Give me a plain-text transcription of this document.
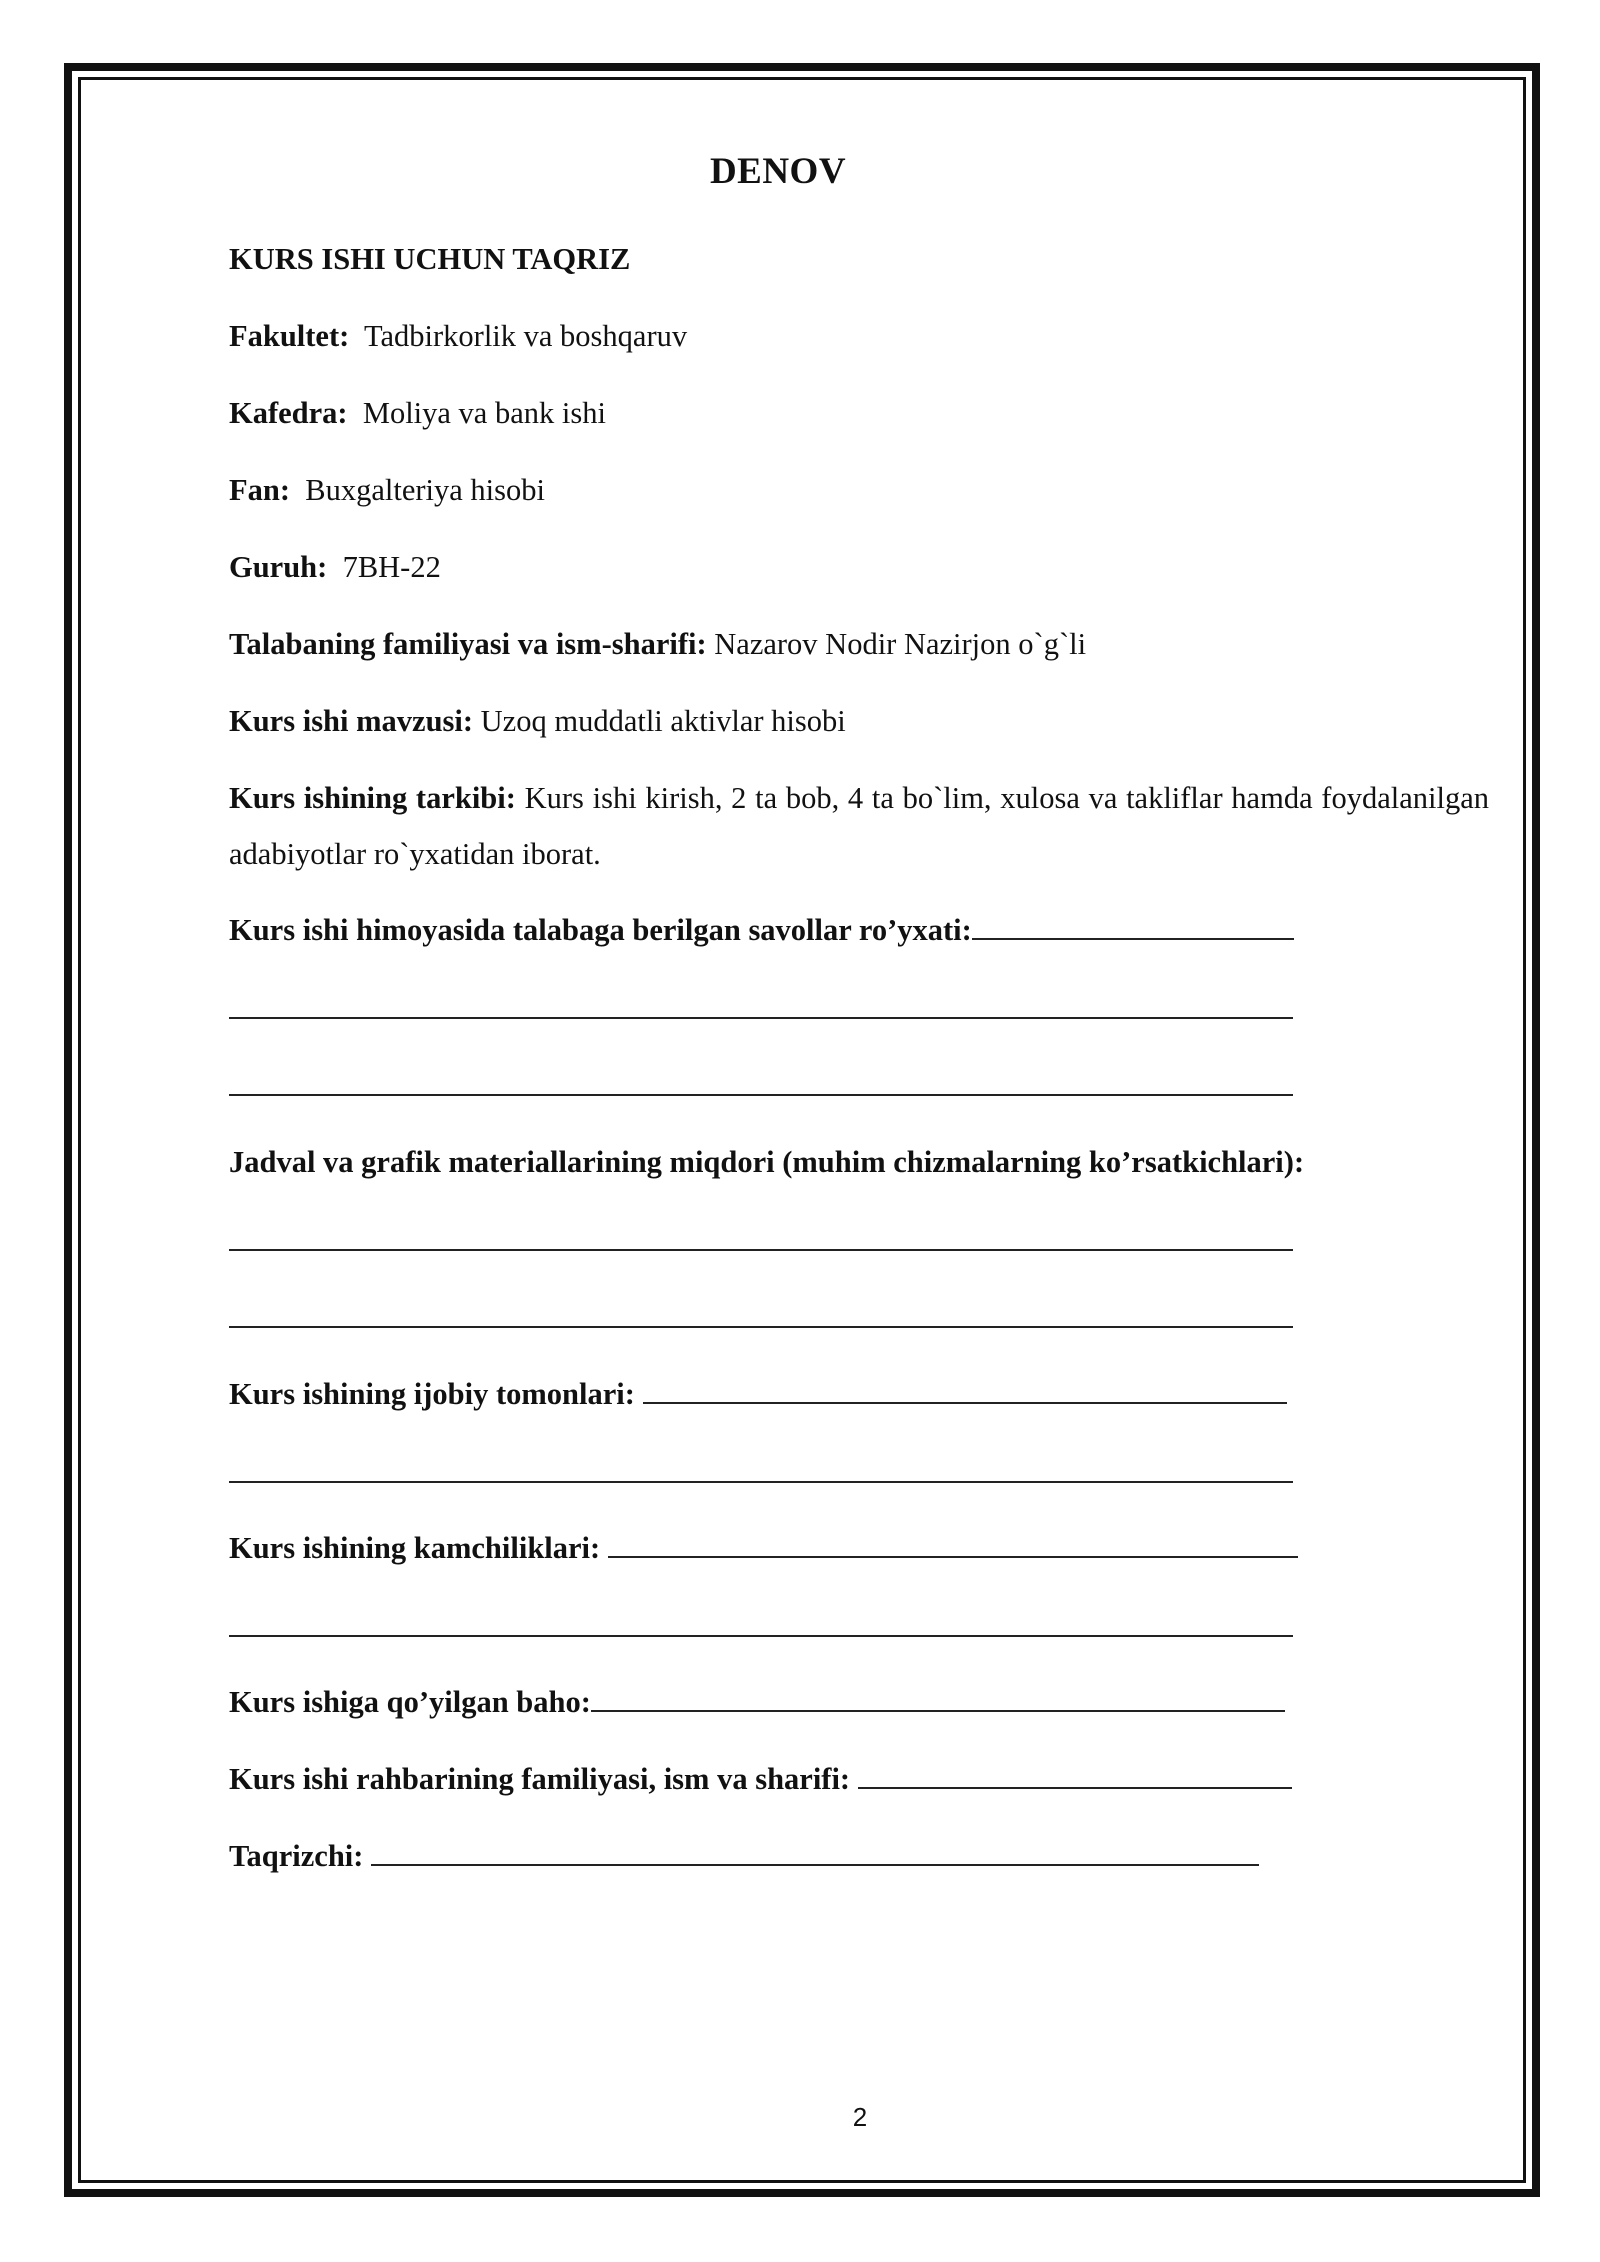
DENOV
KURS ISHI UCHUN TAQRIZ
Fakultet: Tadbirkorlik va boshqaruv
Kafedra: Moliya va bank ishi
Fan: Buxgalteriya hisobi
Guruh: 7BH-22
Talabaning familiyasi va ism-sharifi: Nazarov Nodir Nazirjon o`g`li
Kurs ishi mavzusi: Uzoq muddatli aktivlar hisobi
Kurs ishining tarkibi: Kurs ishi kirish, 2 ta bob, 4 ta bo`lim, xulosa va takliflar hamda foydalanilgan adabiyotlar ro`yxatidan iborat.
Kurs ishi himoyasida talabaga berilgan savollar ro’yxati:
Jadval va grafik materiallarining miqdori (muhim chizmalarning ko’rsatkichlari):
Kurs ishining ijobiy tomonlari:
Kurs ishining kamchiliklari:
Kurs ishiga qo’yilgan baho:
Kurs ishi rahbarining familiyasi, ism va sharifi:
Taqrizchi:
2
